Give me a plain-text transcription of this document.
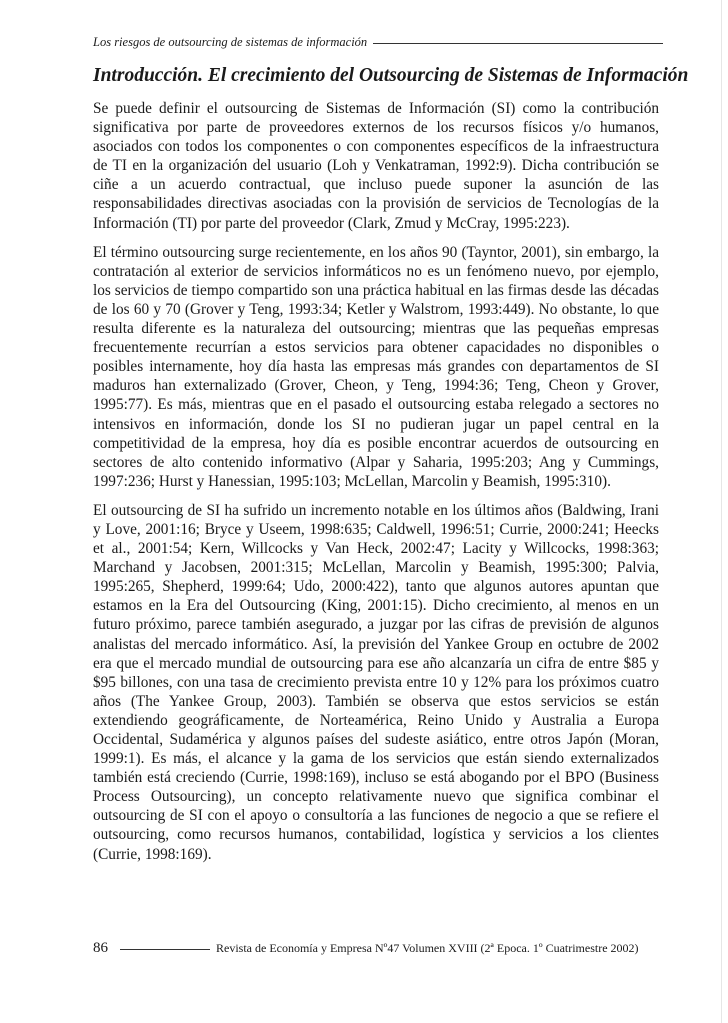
Los riesgos de outsourcing de sistemas de información
Introducción. El crecimiento del Outsourcing de Sistemas de Información

Se puede definir el outsourcing de Sistemas de Información (SI) como la contribución significativa por parte de proveedores externos de los recursos físicos y/o humanos, asociados con todos los componentes o con componentes específicos de la infraestructura de TI en la organización del usuario (Loh y Venkatraman, 1992:9). Dicha contribución se ciñe a un acuerdo contractual, que incluso puede suponer la asunción de las responsabilidades directivas asociadas con la provisión de servicios de Tecnologías de la Información (TI) por parte del proveedor (Clark, Zmud y McCray, 1995:223).

El término outsourcing surge recientemente, en los años 90 (Tayntor, 2001), sin embargo, la contratación al exterior de servicios informáticos no es un fenómeno nuevo, por ejemplo, los servicios de tiempo compartido son una práctica habitual en las firmas desde las décadas de los 60 y 70 (Grover y Teng, 1993:34; Ketler y Walstrom, 1993:449). No obstante, lo que resulta diferente es la naturaleza del outsourcing; mientras que las pequeñas empresas frecuentemente recurrían a estos servicios para obtener capacidades no disponibles o posibles internamente, hoy día hasta las empresas más grandes con departamentos de SI maduros han externalizado (Grover, Cheon, y Teng, 1994:36; Teng, Cheon y Grover, 1995:77). Es más, mientras que en el pasado el outsourcing estaba relegado a sectores no intensivos en información, donde los SI no pudieran jugar un papel central en la competitividad de la empresa, hoy día es posible encontrar acuerdos de outsourcing en sectores de alto contenido informativo (Alpar y Saharia, 1995:203; Ang y Cummings, 1997:236; Hurst y Hanessian, 1995:103; McLellan, Marcolin y Beamish, 1995:310).

El outsourcing de SI ha sufrido un incremento notable en los últimos años (Baldwing, Irani y Love, 2001:16; Bryce y Useem, 1998:635; Caldwell, 1996:51; Currie, 2000:241; Heecks et al., 2001:54; Kern, Willcocks y Van Heck, 2002:47; Lacity y Willcocks, 1998:363; Marchand y Jacobsen, 2001:315; McLellan, Marcolin y Beamish, 1995:300; Palvia, 1995:265, Shepherd, 1999:64; Udo, 2000:422), tanto que algunos autores apuntan que estamos en la Era del Outsourcing (King, 2001:15). Dicho crecimiento, al menos en un futuro próximo, parece también asegurado, a juzgar por las cifras de previsión de algunos analistas del mercado informático. Así, la previsión del Yankee Group en octubre de 2002 era que el mercado mundial de outsourcing para ese año alcanzaría un cifra de entre $85 y $95 billones, con una tasa de crecimiento prevista entre 10 y 12% para los próximos cuatro años (The Yankee Group, 2003). También se observa que estos servicios se están extendiendo geográficamente, de Norteamérica, Reino Unido y Australia a Europa Occidental, Sudamérica y algunos países del sudeste asiático, entre otros Japón (Moran, 1999:1). Es más, el alcance y la gama de los servicios que están siendo externalizados también está creciendo (Currie, 1998:169), incluso se está abogando por el BPO (Business Process Outsourcing), un concepto relativamente nuevo que significa combinar el outsourcing de SI con el apoyo o consultoría a las funciones de negocio a que se refiere el outsourcing, como recursos humanos, contabilidad, logística y servicios a los clientes (Currie, 1998:169).

86	Revista de Economía y Empresa Nº47 Volumen XVIII (2ª Epoca. 1º Cuatrimestre 2002)
